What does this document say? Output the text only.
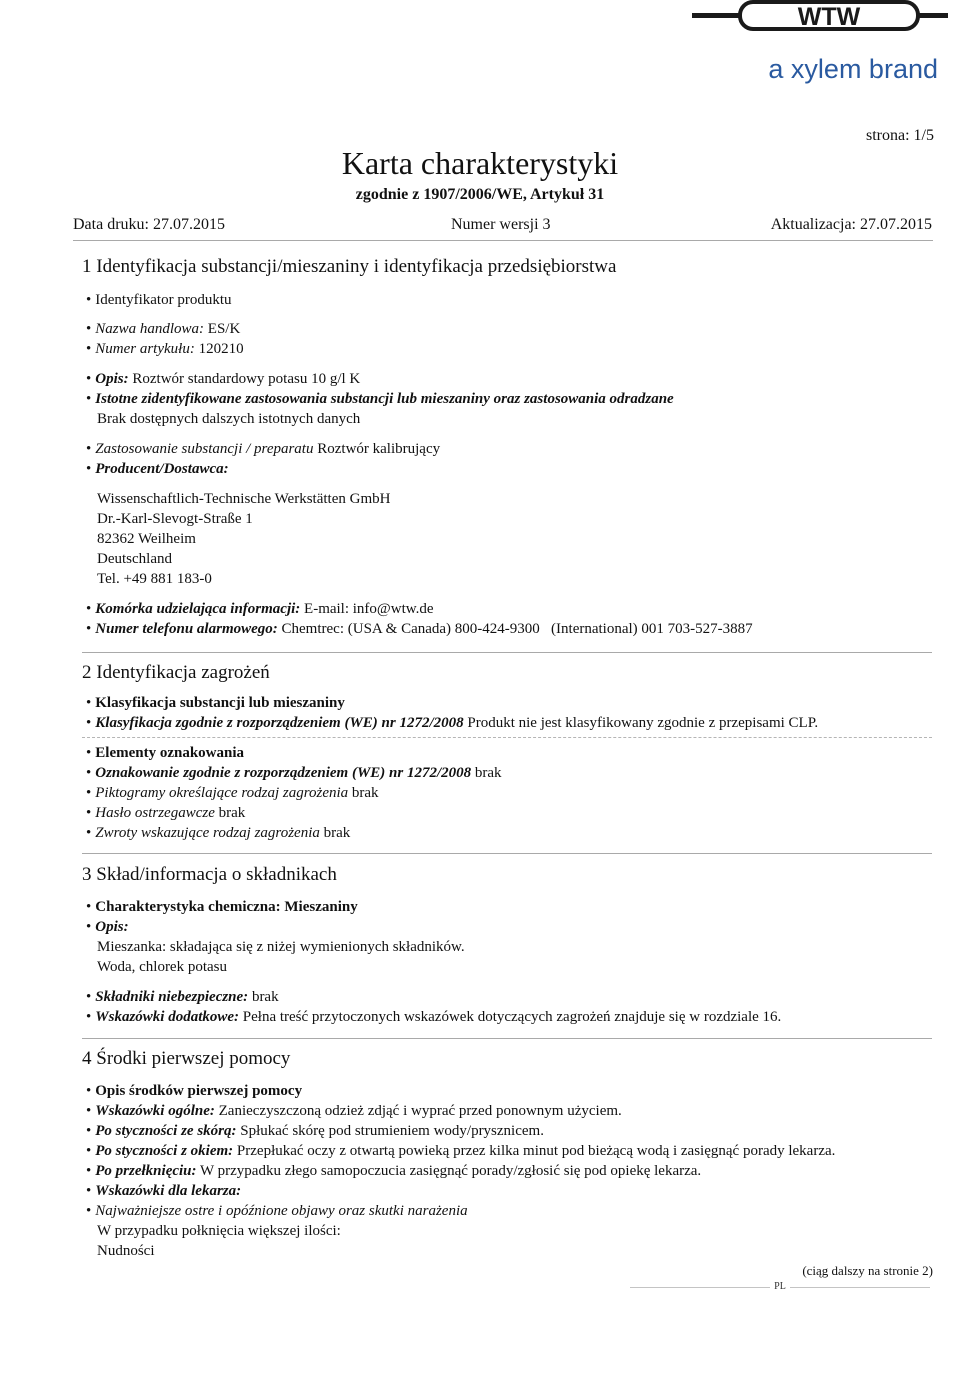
WTW
a xylem brand
strona: 1/5
Karta charakterystyki
zgodnie z 1907/2006/WE, Artykuł 31
Data druku: 27.07.2015	Numer wersji 3	Aktualizacja: 27.07.2015
1 Identyfikacja substancji/mieszaniny i identyfikacja przedsiębiorstwa
• Identyfikator produktu
• Nazwa handlowa: ES/K
• Numer artykułu: 120210
• Opis: Roztwór standardowy potasu 10 g/l K
• Istotne zidentyfikowane zastosowania substancji lub mieszaniny oraz zastosowania odradzane
Brak dostępnych dalszych istotnych danych
• Zastosowanie substancji / preparatu Roztwór kalibrujący
• Producent/Dostawca:
Wissenschaftlich-Technische Werkstätten GmbH
Dr.-Karl-Slevogt-Straße 1
82362 Weilheim
Deutschland
Tel. +49 881 183-0
• Komórka udzielająca informacji: E-mail: info@wtw.de
• Numer telefonu alarmowego: Chemtrec: (USA & Canada) 800-424-9300   (International) 001 703-527-3887
2 Identyfikacja zagrożeń
• Klasyfikacja substancji lub mieszaniny
• Klasyfikacja zgodnie z rozporządzeniem (WE) nr 1272/2008 Produkt nie jest klasyfikowany zgodnie z przepisami CLP.
• Elementy oznakowania
• Oznakowanie zgodnie z rozporządzeniem (WE) nr 1272/2008 brak
• Piktogramy określające rodzaj zagrożenia brak
• Hasło ostrzegawcze brak
• Zwroty wskazujące rodzaj zagrożenia brak
3 Skład/informacja o składnikach
• Charakterystyka chemiczna: Mieszaniny
• Opis:
Mieszanka: składająca się z niżej wymienionych składników.
Woda, chlorek potasu
• Składniki niebezpieczne: brak
• Wskazówki dodatkowe: Pełna treść przytoczonych wskazówek dotyczących zagrożeń znajduje się w rozdziale 16.
4 Środki pierwszej pomocy
• Opis środków pierwszej pomocy
• Wskazówki ogólne: Zanieczyszczoną odzież zdjąć i wyprać przed ponownym użyciem.
• Po styczności ze skórą: Spłukać skórę pod strumieniem wody/prysznicem.
• Po styczności z okiem: Przepłukać oczy z otwartą powieką przez kilka minut pod bieżącą wodą i zasięgnąć porady lekarza.
• Po przełknięciu: W przypadku złego samopoczucia zasięgnąć porady/zgłosić się pod opiekę lekarza.
• Wskazówki dla lekarza:
• Najważniejsze ostre i opóźnione objawy oraz skutki narażenia
W przypadku połknięcia większej ilości:
Nudności
(ciąg dalszy na stronie 2)
PL
